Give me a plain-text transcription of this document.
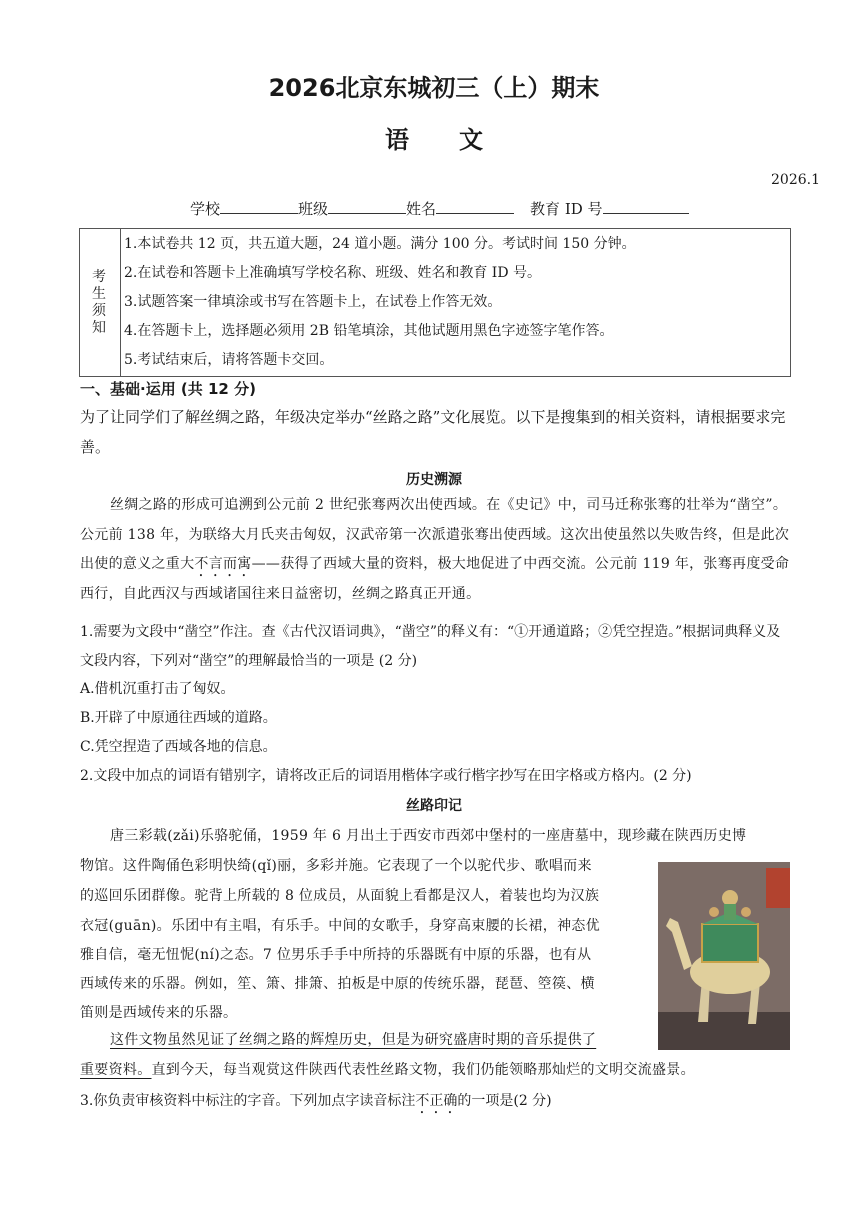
2026北京东城初三（上）期末
语文
2026.1
学校	班级	姓名	教育 ID 号
考生须知
1.本试卷共 12 页，共五道大题，24 道小题。满分 100 分。考试时间 150 分钟。
2.在试卷和答题卡上准确填写学校名称、班级、姓名和教育 ID 号。
3.试题答案一律填涂或书写在答题卡上，在试卷上作答无效。
4.在答题卡上，选择题必须用 2B 铅笔填涂，其他试题用黑色字迹签字笔作答。
5.考试结束后，请将答题卡交回。
一、基础·运用 (共 12 分)
为了让同学们了解丝绸之路，年级决定举办“丝路之路”文化展览。以下是搜集到的相关资料，请根据要求完善。
历史溯源
丝绸之路的形成可追溯到公元前 2 世纪张骞两次出使西域。在《史记》中，司马迁称张骞的壮举为“凿空”。公元前 138 年，为联络大月氏夹击匈奴，汉武帝第一次派遣张骞出使西域。这次出使虽然以失败告终，但是此次出使的意义之重大不言而寓——获得了西域大量的资料，极大地促进了中西交流。公元前 119 年，张骞再度受命西行，自此西汉与西域诸国往来日益密切，丝绸之路真正开通。
1.需要为文段中“凿空”作注。查《古代汉语词典》，“凿空”的释义有：“①开通道路；②凭空捏造。”根据词典释义及文段内容，下列对“凿空”的理解最恰当的一项是 (2 分)
A.借机沉重打击了匈奴。
B.开辟了中原通往西域的道路。
C.凭空捏造了西域各地的信息。
2.文段中加点的词语有错别字，请将改正后的词语用楷体字或行楷字抄写在田字格或方格内。(2 分)
丝路印记
唐三彩载(zǎi)乐骆驼俑，1959 年 6 月出土于西安市西郊中堡村的一座唐墓中，现珍藏在陕西历史博
物馆。这件陶俑色彩明快绮(qǐ)丽，多彩并施。它表现了一个以驼代步、歌唱而来
的巡回乐团群像。驼背上所载的 8 位成员，从面貌上看都是汉人，着装也均为汉族
衣冠(guān)。乐团中有主唱，有乐手。中间的女歌手，身穿高束腰的长裙，神态优
雅自信，毫无忸怩(ní)之态。7 位男乐手手中所持的乐器既有中原的乐器，也有从
西域传来的乐器。例如，笙、箫、排箫、拍板是中原的传统乐器，琵琶、箜篌、横
笛则是西域传来的乐器。
这件文物虽然见证了丝绸之路的辉煌历史，但是为研究盛唐时期的音乐提供了
重要资料。直到今天，每当观赏这件陕西代表性丝路文物，我们仍能领略那灿烂的文明交流盛景。
3.你负责审核资料中标注的字音。下列加点字读音标注不正确的一项是(2 分)
